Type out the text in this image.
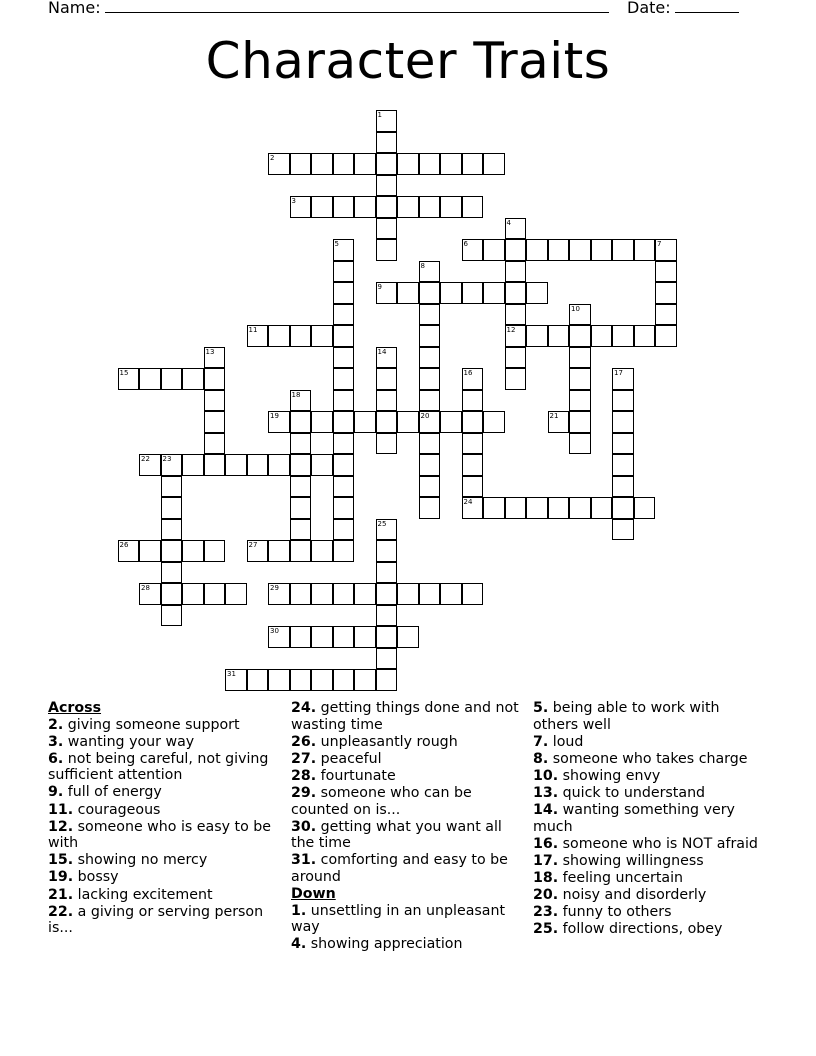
Name:	Date:
Character Traits
2
3
6	7
9
11	12
15
19	20	21
22 23
24
26	27
28	29
30
31
1
4
5
8
10
13	14
16	17
18
25
Across
2. giving someone support
3. wanting your way
6. not being careful, not giving sufficient attention
9. full of energy
11. courageous
12. someone who is easy to be with
15. showing no mercy
19. bossy
21. lacking excitement
22. a giving or serving person is...
24. getting things done and not wasting time
26. unpleasantly rough
27. peaceful
28. fourtunate
29. someone who can be counted on is...
30. getting what you want all the time
31. comforting and easy to be around
Down
1. unsettling in an unpleasant way
4. showing appreciation
5. being able to work with others well
7. loud
8. someone who takes charge
10. showing envy
13. quick to understand
14. wanting something very much
16. someone who is NOT afraid
17. showing willingness
18. feeling uncertain
20. noisy and disorderly
23. funny to others
25. follow directions, obey
